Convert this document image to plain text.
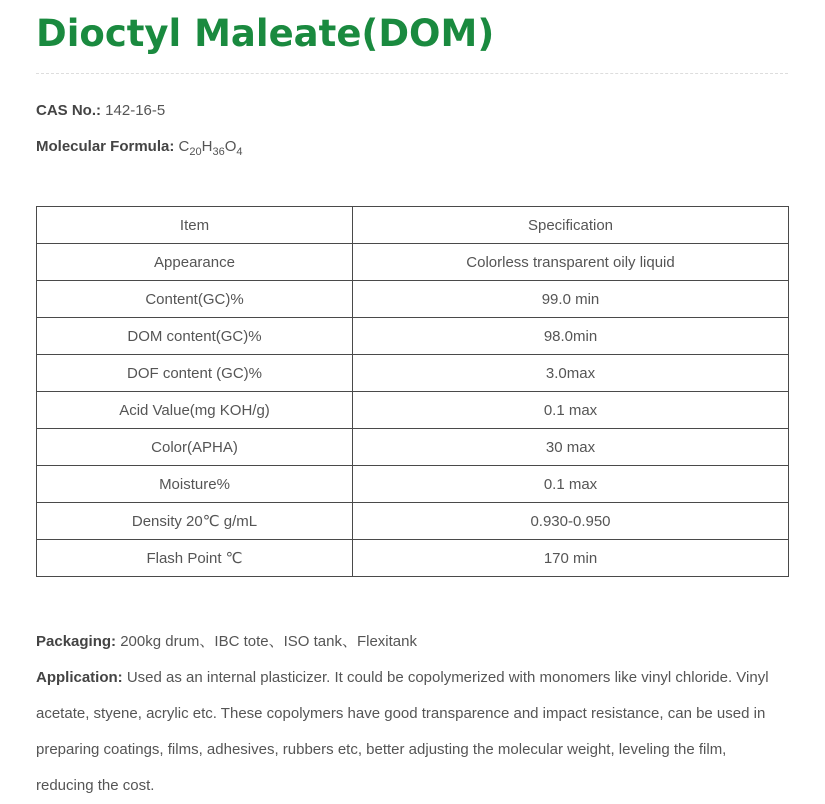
Dioctyl Maleate(DOM)
CAS No.: 142-16-5
Molecular Formula: $C_{20}H_{36}O_4$
Item	Specification
Appearance	Colorless transparent oily liquid
Content(GC)%	99.0 min
DOM content(GC)%	98.0min
DOF content (GC)%	3.0max
Acid Value(mg KOH/g)	0.1 max
Color(APHA)	30 max
Moisture%	0.1 max
Density 20℃ g/mL	0.930-0.950
Flash Point ℃	170 min
Packaging: 200kg drum、IBC tote、ISO tank、Flexitank
Application: Used as an internal plasticizer. It could be copolymerized with monomers like vinyl chloride. Vinyl acetate, styene, acrylic etc. These copolymers have good transparence and impact resistance, can be used in preparing coatings, films, adhesives, rubbers etc, better adjusting the molecular weight, leveling the film, reducing the cost.
